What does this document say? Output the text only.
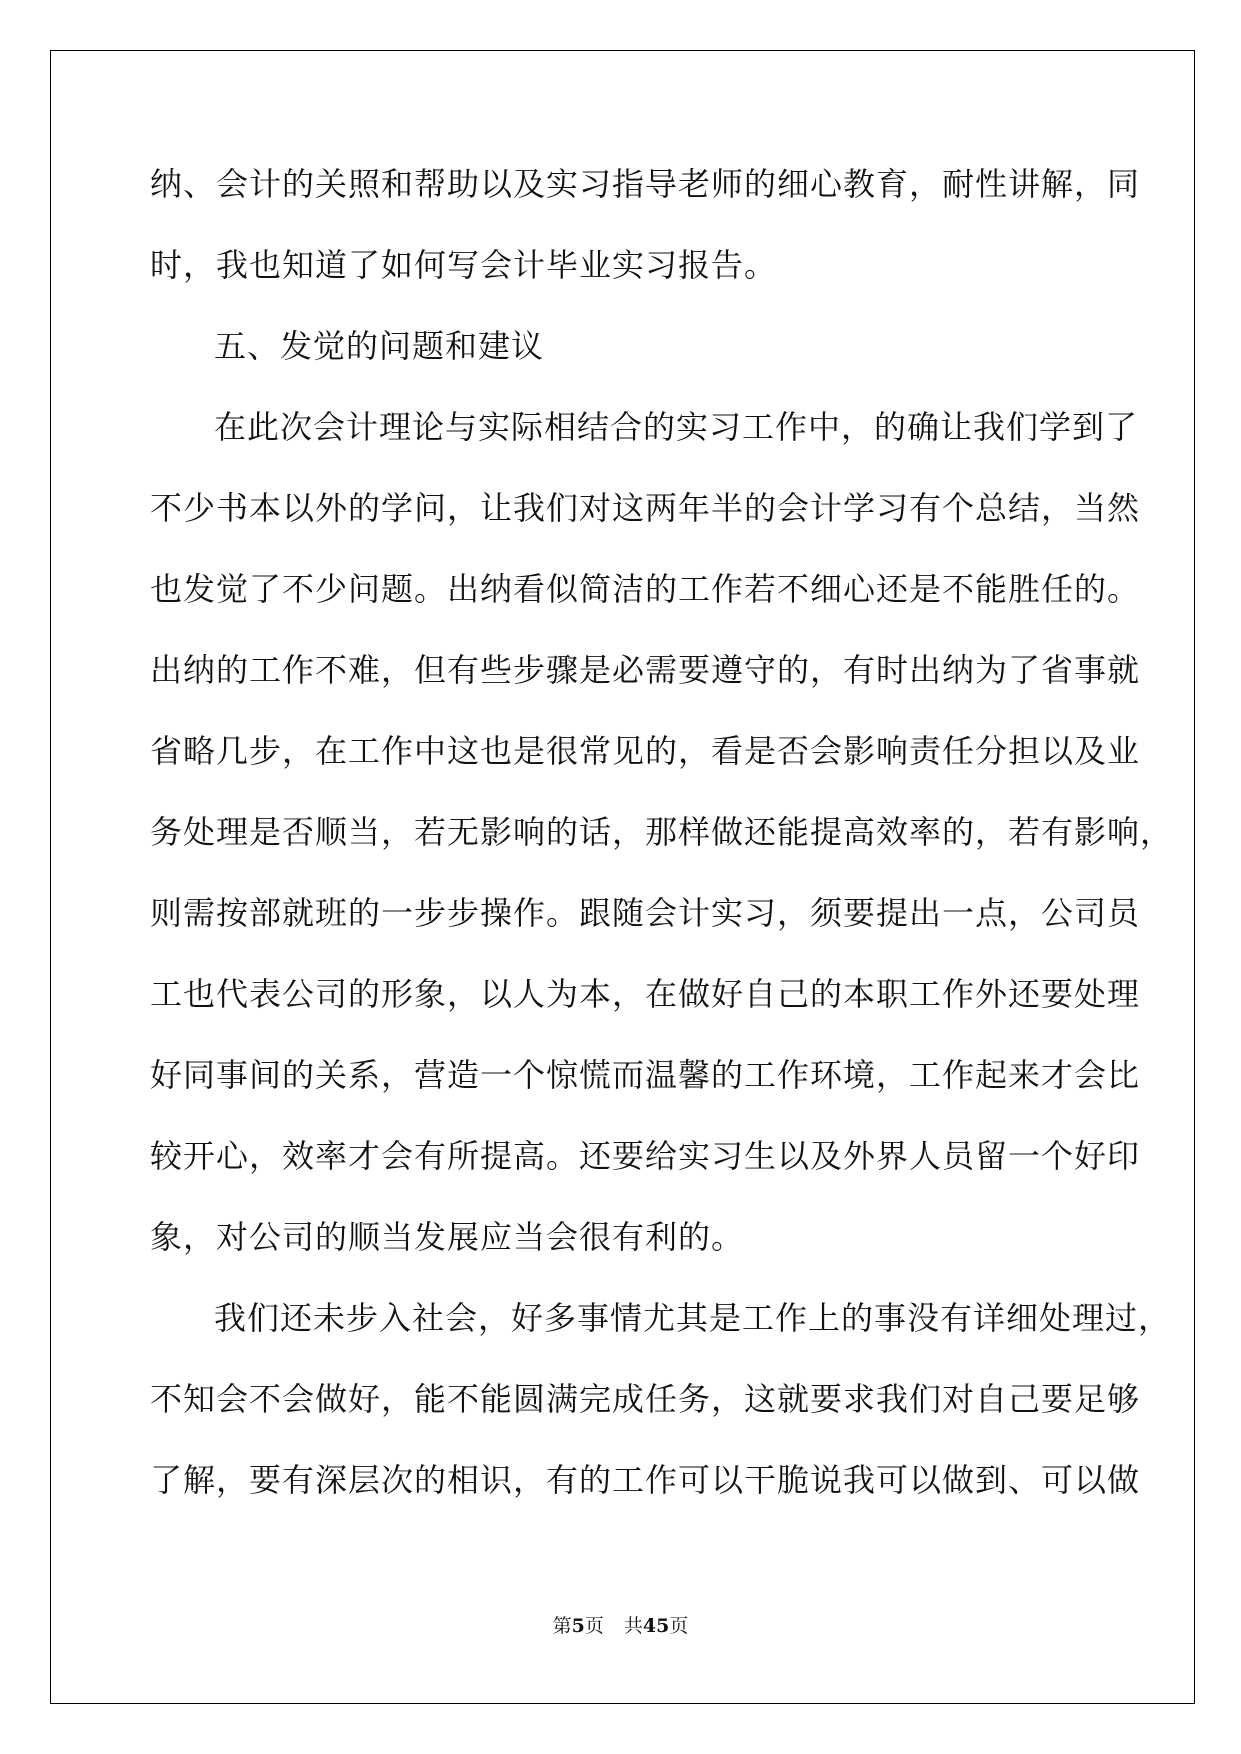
纳、会计的关照和帮助以及实习指导老师的细心教育，耐性讲解，同
时，我也知道了如何写会计毕业实习报告。
五、发觉的问题和建议
在此次会计理论与实际相结合的实习工作中，的确让我们学到了
不少书本以外的学问，让我们对这两年半的会计学习有个总结，当然
也发觉了不少问题。出纳看似简洁的工作若不细心还是不能胜任的。
出纳的工作不难，但有些步骤是必需要遵守的，有时出纳为了省事就
省略几步，在工作中这也是很常见的，看是否会影响责任分担以及业
务处理是否顺当，若无影响的话，那样做还能提高效率的，若有影响，
则需按部就班的一步步操作。跟随会计实习，须要提出一点，公司员
工也代表公司的形象，以人为本，在做好自己的本职工作外还要处理
好同事间的关系，营造一个惊慌而温馨的工作环境，工作起来才会比
较开心，效率才会有所提高。还要给实习生以及外界人员留一个好印
象，对公司的顺当发展应当会很有利的。
我们还未步入社会，好多事情尤其是工作上的事没有详细处理过，
不知会不会做好，能不能圆满完成任务，这就要求我们对自己要足够
了解，要有深层次的相识，有的工作可以干脆说我可以做到、可以做
第5页 共45页
